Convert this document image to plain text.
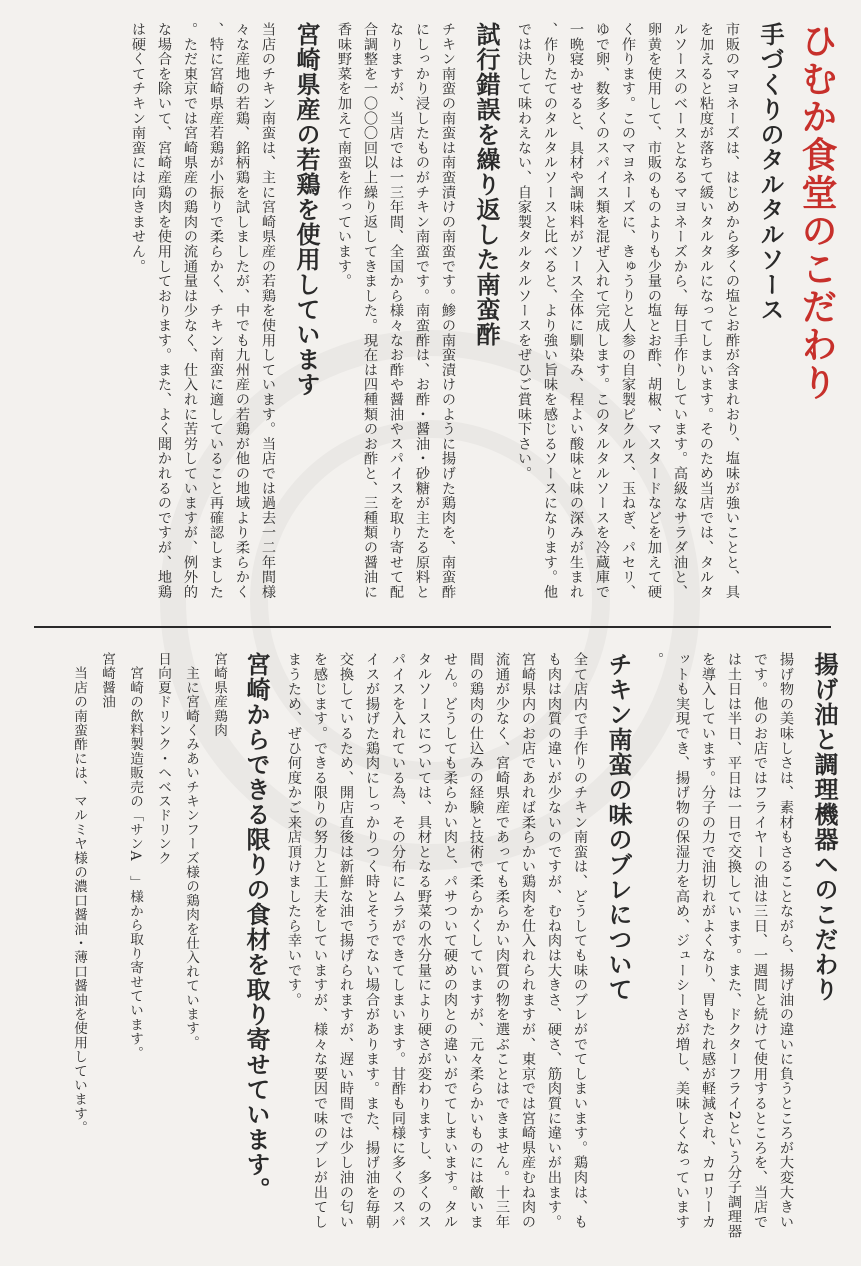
ひむか食堂のこだわり
手づくりのタルタルソース
市販のマヨネーズは、はじめから多くの塩とお酢が含まれおり、塩味が強いことと、具を加えると粘度が落ちて緩いタルタルになってしまいます。そのため当店では、タルタルソースのベースとなるマヨネーズから、毎日手作りしています。高級なサラダ油と、卵黄を使用して、市販のものよりも少量の塩とお酢、胡椒、マスタードなどを加えて硬く作ります。このマヨネーズに、きゅうりと人参の自家製ピクルス、玉ねぎ、パセリ、ゆで卵、数多くのスパイス類を混ぜ入れて完成します。このタルタルソースを冷蔵庫で一晩寝かせると、具材や調味料がソース全体に馴染み、程よい酸味と味の深みが生まれ、作りたてのタルタルソースと比べると、より強い旨味を感じるソースになります。他では決して味わえない、自家製タルタルソースをぜひご賞味下さい。
試行錯誤を繰り返した南蛮酢
チキン南蛮の南蛮は南蛮漬けの南蛮です。鯵の南蛮漬けのように揚げた鶏肉を、南蛮酢にしっかり浸したものがチキン南蛮です。南蛮酢は、お酢・醤油・砂糖が主たる原料となりますが、当店では一三年間、全国から様々なお酢や醤油やスパイスを取り寄せて配合調整を一〇〇〇回以上繰り返してきました。現在は四種類のお酢と、三種類の醤油に香味野菜を加えて南蛮を作っています。
宮崎県産の若鶏を使用しています
当店のチキン南蛮は、主に宮崎県産の若鶏を使用しています。当店では過去一二年間様々な産地の若鶏、銘柄鶏を試しましたが、中でも九州産の若鶏が他の地域より柔らかく、特に宮崎県産若鶏が小振りで柔らかく、チキン南蛮に適していること再確認しました。ただ東京では宮崎県産の鶏肉の流通量は少なく、仕入れに苦労していますが、例外的な場合を除いて、宮崎産鶏肉を使用しております。また、よく聞かれるのですが、地鶏は硬くてチキン南蛮には向きません。
揚げ油と調理機器へのこだわり
揚げ物の美味しさは、素材もさることながら、揚げ油の違いに負うところが大変大きいです。他のお店ではフライヤーの油は三日、一週間と続けて使用するところを、当店では土日は半日、平日は一日で交換しています。また、ドクターフライ2という分子調理器を導入しています。分子の力で油切れがよくなり、胃もたれ感が軽減され、カロリーカットも実現でき、揚げ物の保湿力を高め、ジューシーさが増し、美味しくなっています。
チキン南蛮の味のブレについて
全て店内で手作りのチキン南蛮は、どうしても味のブレがでてしまいます。鶏肉は、もも肉は肉質の違いが少ないのですが、むね肉は大きさ、硬さ、筋肉質に違いが出ます。宮崎県内のお店であれば柔らかい鶏肉を仕入れられますが、東京では宮崎県産むね肉の流通が少なく、宮崎県産であっても柔らかい肉質の物を選ぶことはできません。十三年間の鶏肉の仕込みの経験と技術で柔らかくしていますが、元々柔らかいものには敵いません。どうしても柔らかい肉と、パサついて硬めの肉との違いがでてしまいます。タルタルソースについては、具材となる野菜の水分量により硬さが変わりますし、多くのスパイスを入れている為、その分布にムラができてしまいます。甘酢も同様に多くのスパイスが揚げた鶏肉にしっかりつく時とそうでない場合があります。また、揚げ油を毎朝交換しているため、開店直後は新鮮な油で揚げられますが、遅い時間では少し油の匂いを感じます。できる限りの努力と工夫をしていますが、様々な要因で味のブレが出てしまうため、ぜひ何度かご来店頂けましたら幸いです。
宮崎からできる限りの食材を取り寄せています。
宮崎県産鶏肉
　主に宮崎くみあいチキンフーズ様の鶏肉を仕入れています。
日向夏ドリンク・ヘベスドリンク
　宮崎の飲料製造販売の「サンA　」様から取り寄せています。
宮崎醤油
　当店の南蛮酢には、マルミヤ様の濃口醤油・薄口醤油を使用しています。
